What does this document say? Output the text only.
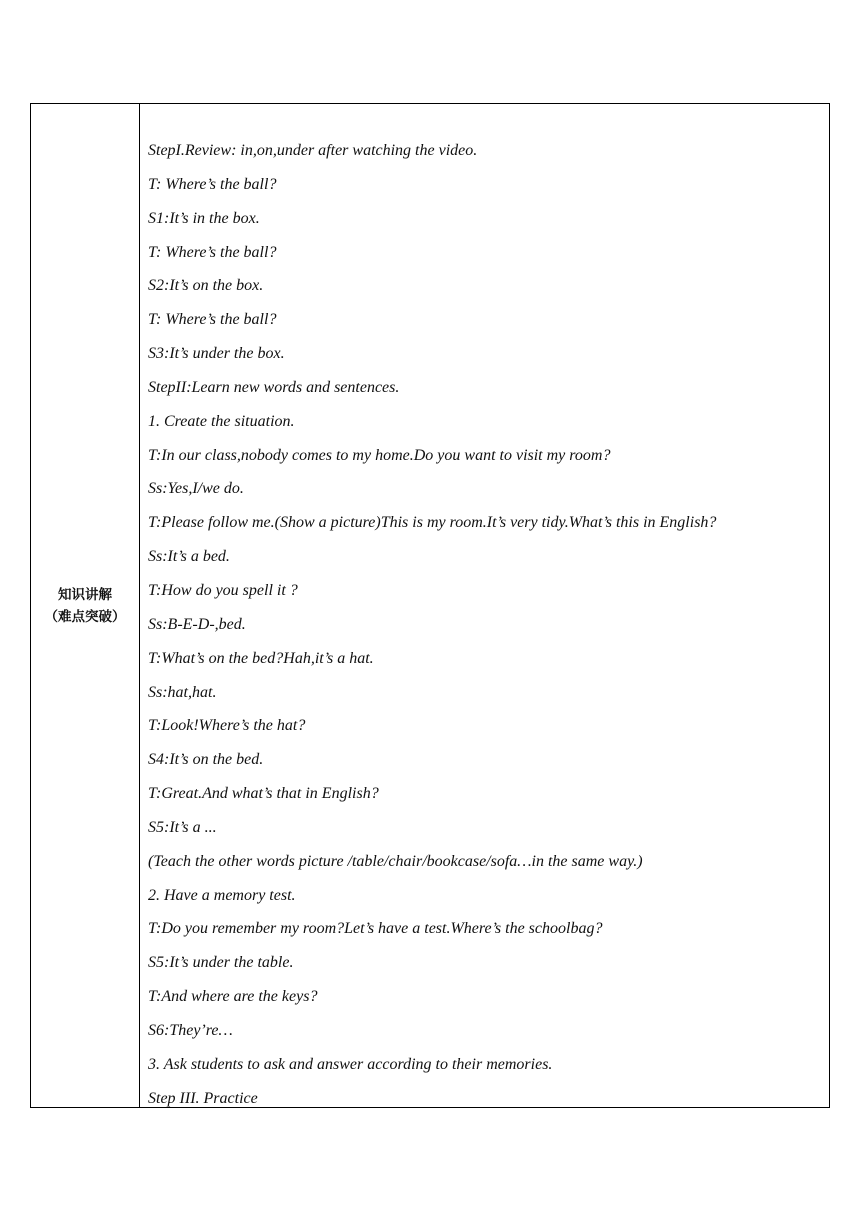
知识讲解

（难点突破）

StepI.Review: in,on,under after watching the video.

T: Where’s the ball?

S1:It’s in the box.

T: Where’s the ball?

S2:It’s on the box.

T: Where’s the ball?

S3:It’s under the box.

StepII:Learn new words and sentences.

1. Create the situation.

T:In our class,nobody comes to my home.Do you want to visit my room?

Ss:Yes,I/we do.

T:Please follow me.(Show a picture)This is my room.It’s very tidy.What’s this in English?

Ss:It’s a bed.

T:How do you spell it ?

Ss:B-E-D-,bed.

T:What’s on the bed?Hah,it’s a hat.

Ss:hat,hat.

T:Look!Where’s the hat?

S4:It’s on the bed.

T:Great.And what’s that in English?

S5:It’s a ...

(Teach the other words picture /table/chair/bookcase/sofa…in the same way.)

2. Have a memory test.

T:Do you remember my room?Let’s have a test.Where’s the schoolbag?

S5:It’s under the table.

T:And where are the keys?

S6:They’re…

3. Ask students to ask and answer according to their memories.

Step III. Practice
